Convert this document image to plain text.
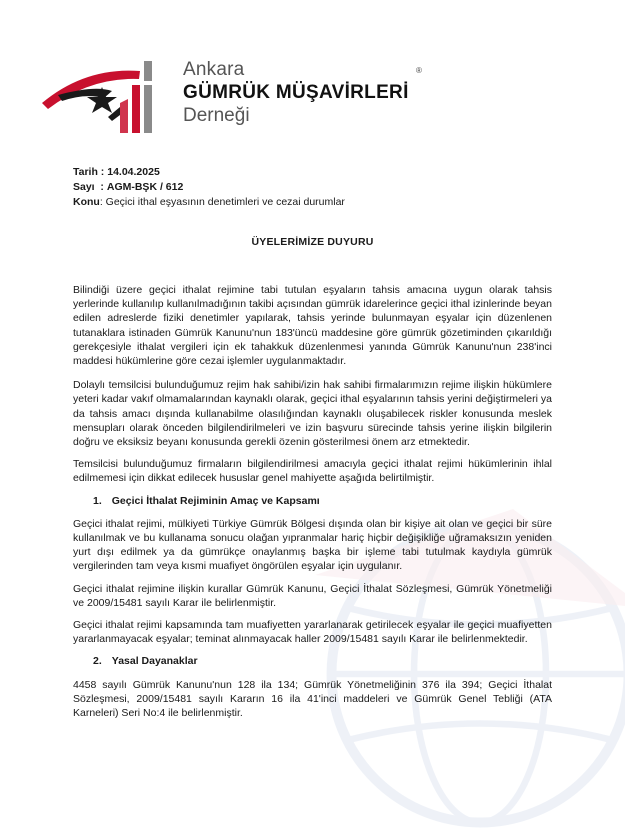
Ankara
GÜMRÜK MÜŞAVİRLERİ
Derneği
®
Tarih : 14.04.2025
Sayı  : AGM-BŞK / 612
Konu: Geçici ithal eşyasının denetimleri ve cezai durumlar
ÜYELERİMİZE DUYURU

Bilindiği üzere geçici ithalat rejimine tabi tutulan eşyaların tahsis amacına uygun olarak tahsis yerlerinde kullanılıp kullanılmadığının takibi açısından gümrük idarelerince geçici ithal izinlerinde beyan edilen adreslerde fiziki denetimler yapılarak, tahsis yerinde bulunmayan eşyalar için düzenlenen tutanaklara istinaden Gümrük Kanunu'nun 183'üncü maddesine göre gümrük gözetiminden çıkarıldığı gerekçesiyle ithalat vergileri için ek tahakkuk düzenlenmesi yanında Gümrük Kanunu'nun 238'inci maddesi hükümlerine göre cezai işlemler uygulanmaktadır.

Dolaylı temsilcisi bulunduğumuz rejim hak sahibi/izin hak sahibi firmalarımızın rejime ilişkin hükümlere yeteri kadar vakıf olmamalarından kaynaklı olarak, geçici ithal eşyalarının tahsis yerini değiştirmeleri ya da tahsis amacı dışında kullanabilme olasılığından kaynaklı oluşabilecek riskler konusunda meslek mensupları olarak önceden bilgilendirilmeleri ve izin başvuru sürecinde tahsis yerine ilişkin bilgilerin doğru ve eksiksiz beyanı konusunda gerekli özenin gösterilmesi önem arz etmektedir.

Temsilcisi bulunduğumuz firmaların bilgilendirilmesi amacıyla geçici ithalat rejimi hükümlerinin ihlal edilmemesi için dikkat edilecek hususlar genel mahiyette aşağıda belirtilmiştir.

1. Geçici İthalat Rejiminin Amaç ve Kapsamı

Geçici ithalat rejimi, mülkiyeti Türkiye Gümrük Bölgesi dışında olan bir kişiye ait olan ve geçici bir süre kullanılmak ve bu kullanama sonucu olağan yıpranmalar hariç hiçbir değişikliğe uğramaksızın yeniden yurt dışı edilmek ya da gümrükçe onaylanmış başka bir işleme tabi tutulmak kaydıyla gümrük vergilerinden tam veya kısmi muafiyet öngörülen eşyalar için uygulanır.

Geçici ithalat rejimine ilişkin kurallar Gümrük Kanunu, Geçici İthalat Sözleşmesi, Gümrük Yönetmeliği ve 2009/15481 sayılı Karar ile belirlenmiştir.

Geçici ithalat rejimi kapsamında tam muafiyetten yararlanarak getirilecek eşyalar ile geçici muafiyetten yararlanmayacak eşyalar; teminat alınmayacak haller 2009/15481 sayılı Karar ile belirlenmektedir.

2. Yasal Dayanaklar

4458 sayılı Gümrük Kanunu'nun 128 ila 134; Gümrük Yönetmeliğinin 376 ila 394; Geçici İthalat Sözleşmesi, 2009/15481 sayılı Kararın 16 ila 41'inci maddeleri ve Gümrük Genel Tebliği (ATA Karneleri) Seri No:4 ile belirlenmiştir.
